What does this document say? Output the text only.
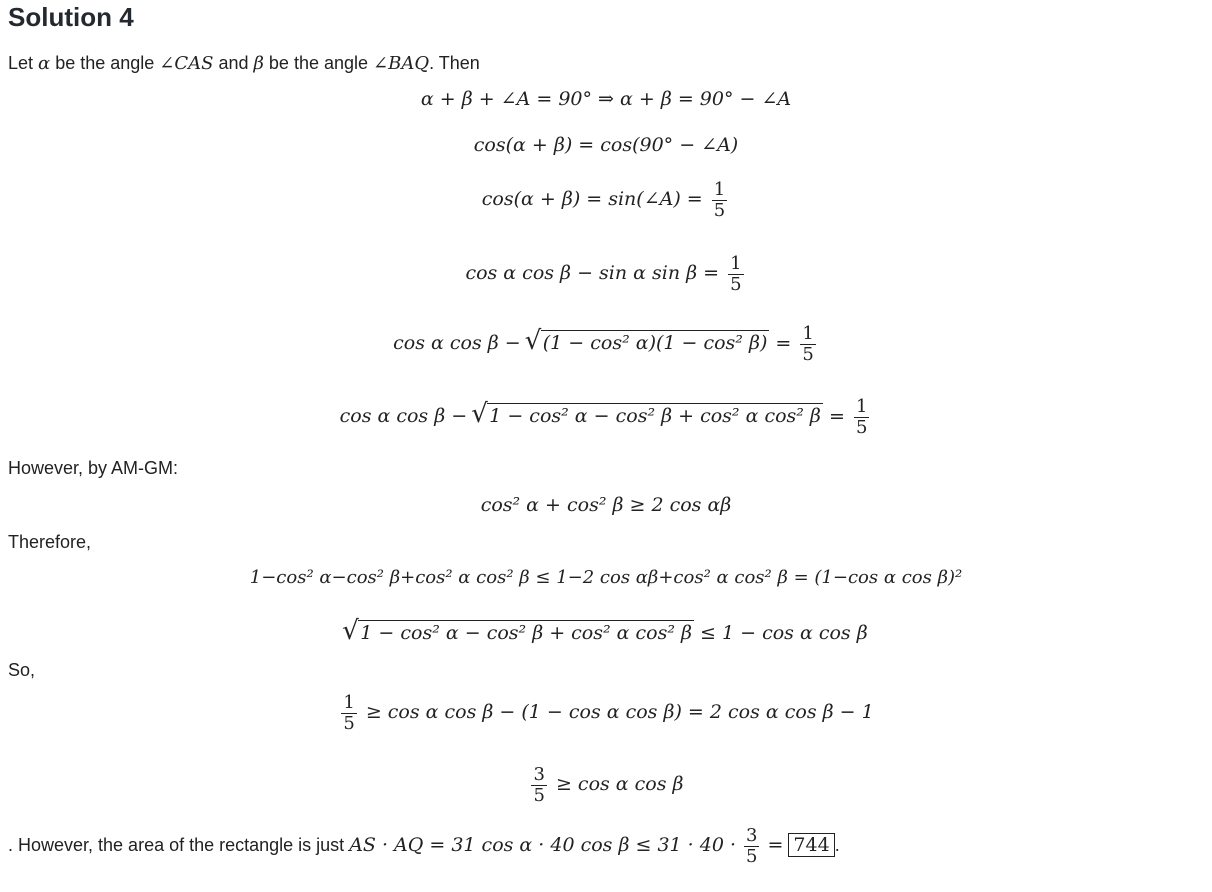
Solution 4
Let α be the angle ∠CAS and β be the angle ∠BAQ. Then
α + β + ∠A = 90° ⇒ α + β = 90° − ∠A
cos(α + β) = cos(90° − ∠A)
cos(α + β) = sin(∠A) = $\frac{1}{5}$
cos α cos β − sin α $\sin \beta = \frac{1}{5}$
cos α cos β − √ (1 − cos² α)(1 − cos² $\beta) = \frac{1}{5}$
cos α cos β − √ 1 − cos² α − cos² β + cos² α cos² $\beta = \frac{1}{5}$
However, by AM-GM:
cos² α + cos² β ≥ 2 cos αβ
Therefore,
1−cos² α−cos² β+cos² α cos² β ≤ 1−2 cos αβ+cos² α cos² β = (1−cos α cos β)²
√ 1 − cos² α − cos² β + cos² α cos² β ≤ 1 − cos α cos β
So,
$\frac{1}{5} \ge \cos \alpha$ cos β − (1 − cos α cos β) = 2 cos α cos β − 1
$\frac{3}{5} \ge \cos \alpha$ cos β
. However, the area of the rectangle is just AS · AQ = 31 cos α · 40 $\cos \beta \le 31 \cdot 40 \cdot \frac{3}{5} = 744$ .
